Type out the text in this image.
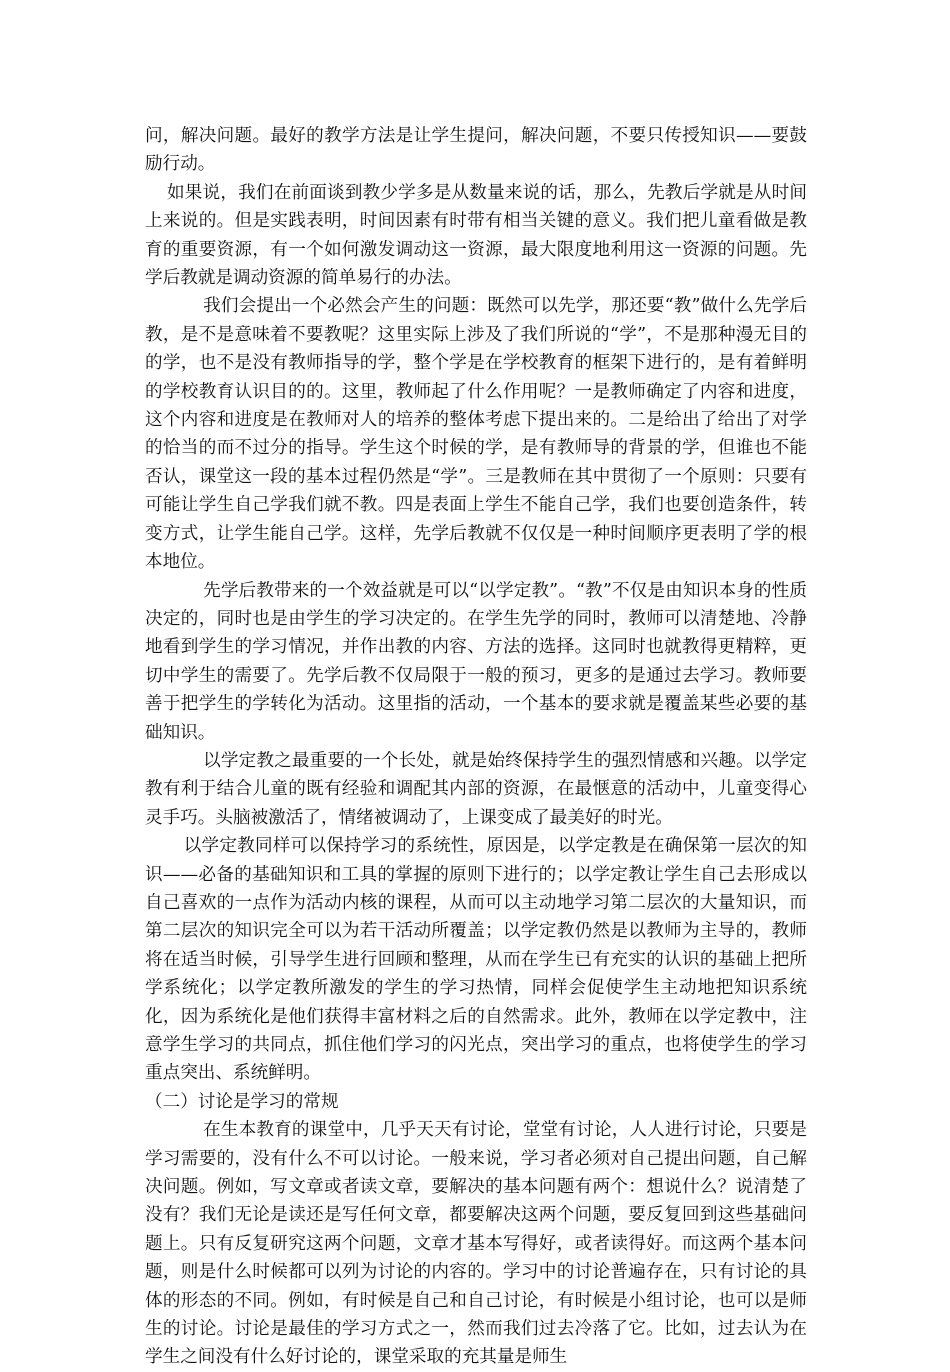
问，解决问题。最好的教学方法是让学生提问，解决问题，不要只传授知识——要鼓励行动。

如果说，我们在前面谈到教少学多是从数量来说的话，那么，先教后学就是从时间上来说的。但是实践表明，时间因素有时带有相当关键的意义。我们把儿童看做是教育的重要资源，有一个如何激发调动这一资源，最大限度地利用这一资源的问题。先学后教就是调动资源的简单易行的办法。

我们会提出一个必然会产生的问题：既然可以先学，那还要“教”做什么先学后教，是不是意味着不要教呢？这里实际上涉及了我们所说的“学”，不是那种漫无目的的学，也不是没有教师指导的学，整个学是在学校教育的框架下进行的，是有着鲜明的学校教育认识目的的。这里，教师起了什么作用呢？一是教师确定了内容和进度，这个内容和进度是在教师对人的培养的整体考虑下提出来的。二是给出了给出了对学的恰当的而不过分的指导。学生这个时候的学，是有教师导的背景的学，但谁也不能否认，课堂这一段的基本过程仍然是“学”。三是教师在其中贯彻了一个原则：只要有可能让学生自己学我们就不教。四是表面上学生不能自己学，我们也要创造条件，转变方式，让学生能自己学。这样，先学后教就不仅仅是一种时间顺序更表明了学的根本地位。

先学后教带来的一个效益就是可以“以学定教”。“教”不仅是由知识本身的性质决定的，同时也是由学生的学习决定的。在学生先学的同时，教师可以清楚地、冷静地看到学生的学习情况，并作出教的内容、方法的选择。这同时也就教得更精粹，更切中学生的需要了。先学后教不仅局限于一般的预习，更多的是通过去学习。教师要善于把学生的学转化为活动。这里指的活动，一个基本的要求就是覆盖某些必要的基础知识。

以学定教之最重要的一个长处，就是始终保持学生的强烈情感和兴趣。以学定教有利于结合儿童的既有经验和调配其内部的资源，在最惬意的活动中，儿童变得心灵手巧。头脑被激活了，情绪被调动了，上课变成了最美好的时光。

以学定教同样可以保持学习的系统性，原因是，以学定教是在确保第一层次的知识——必备的基础知识和工具的掌握的原则下进行的；以学定教让学生自己去形成以自己喜欢的一点作为活动内核的课程，从而可以主动地学习第二层次的大量知识，而第二层次的知识完全可以为若干活动所覆盖；以学定教仍然是以教师为主导的，教师将在适当时候，引导学生进行回顾和整理，从而在学生已有充实的认识的基础上把所学系统化；以学定教所激发的学生的学习热情，同样会促使学生主动地把知识系统化，因为系统化是他们获得丰富材料之后的自然需求。此外，教师在以学定教中，注意学生学习的共同点，抓住他们学习的闪光点，突出学习的重点，也将使学生的学习重点突出、系统鲜明。

（二）讨论是学习的常规

在生本教育的课堂中，几乎天天有讨论，堂堂有讨论，人人进行讨论，只要是学习需要的，没有什么不可以讨论。一般来说，学习者必须对自己提出问题，自己解决问题。例如，写文章或者读文章，要解决的基本问题有两个：想说什么？说清楚了没有？我们无论是读还是写任何文章，都要解决这两个问题，要反复回到这些基础问题上。只有反复研究这两个问题，文章才基本写得好，或者读得好。而这两个基本问题，则是什么时候都可以列为讨论的内容的。学习中的讨论普遍存在，只有讨论的具体的形态的不同。例如，有时候是自己和自己讨论，有时候是小组讨论，也可以是师生的讨论。讨论是最佳的学习方式之一，然而我们过去冷落了它。比如，过去认为在学生之间没有什么好讨论的，课堂采取的充其量是师生
